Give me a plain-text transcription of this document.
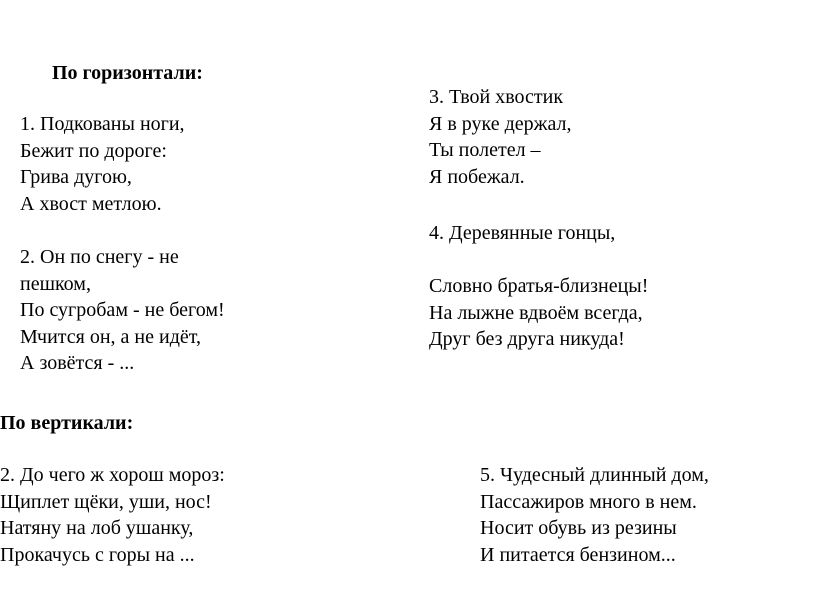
По горизонтали:
1. Подкованы ноги,
Бежит по дороге:
Грива дугою,
А хвост метлою.
2. Он по снегу - не
пешком,
По сугробам - не бегом!
Мчится он, а не идёт,
А зовётся - ...
3. Твой хвостик
Я в руке держал,
Ты полетел –
Я побежал.
4. Деревянные гонцы,
Словно братья-близнецы!
На лыжне вдвоём всегда,
Друг без друга никуда!
По вертикали:
2. До чего ж хорош мороз:
Щиплет щёки, уши, нос!
Натяну на лоб ушанку,
Прокачусь с горы на ...
5. Чудесный длинный дом,
Пассажиров много в нем.
Носит обувь из резины
И питается бензином...
